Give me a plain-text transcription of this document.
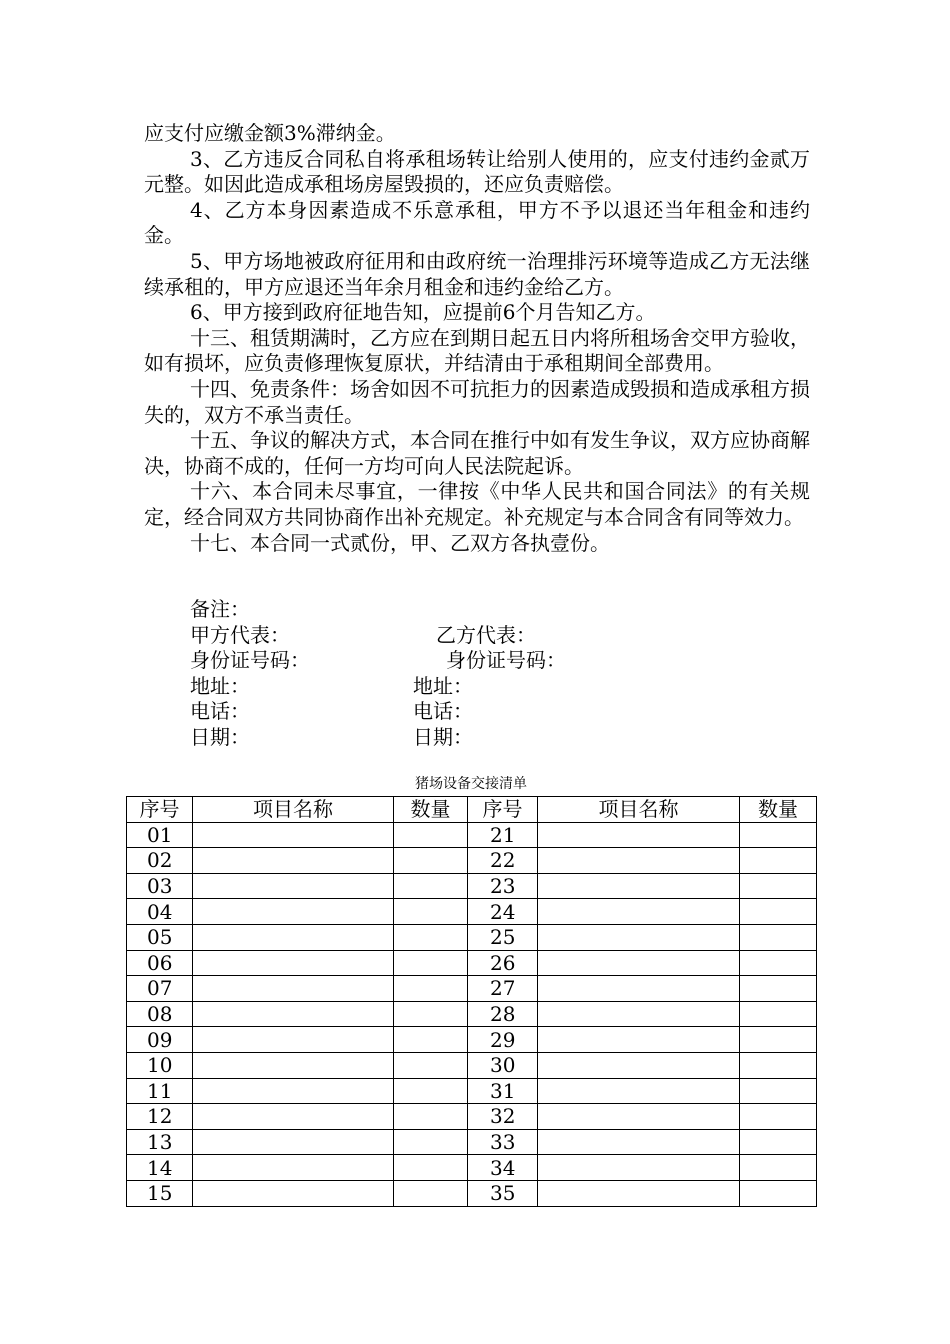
应支付应缴金额3%滞纳金。

3、乙方违反合同私自将承租场转让给别人使用的，应支付违约金贰万元整。如因此造成承租场房屋毁损的，还应负责赔偿。

4、乙方本身因素造成不乐意承租，甲方不予以退还当年租金和违约金。

5、甲方场地被政府征用和由政府统一治理排污环境等造成乙方无法继续承租的，甲方应退还当年余月租金和违约金给乙方。

6、甲方接到政府征地告知，应提前6个月告知乙方。

十三、租赁期满时，乙方应在到期日起五日内将所租场舍交甲方验收，如有损坏，应负责修理恢复原状，并结清由于承租期间全部费用。

十四、免责条件：场舍如因不可抗拒力的因素造成毁损和造成承租方损失的，双方不承当责任。

十五、争议的解决方式，本合同在推行中如有发生争议，双方应协商解决，协商不成的，任何一方均可向人民法院起诉。

十六、本合同未尽事宜，一律按《中华人民共和国合同法》的有关规定，经合同双方共同协商作出补充规定。补充规定与本合同含有同等效力。

十七、本合同一式贰份，甲、乙双方各执壹份。

备注：
甲方代表：	乙方代表：
身份证号码：	身份证号码：
地址：	地址：
电话：	电话：
日期：	日期：
猪场设备交接清单
序号	项目名称	数量	序号	项目名称	数量
01			21		
02			22		
03			23		
04			24		
05			25		
06			26		
07			27		
08			28		
09			29		
10			30		
11			31		
12			32		
13			33		
14			34		
15			35		
